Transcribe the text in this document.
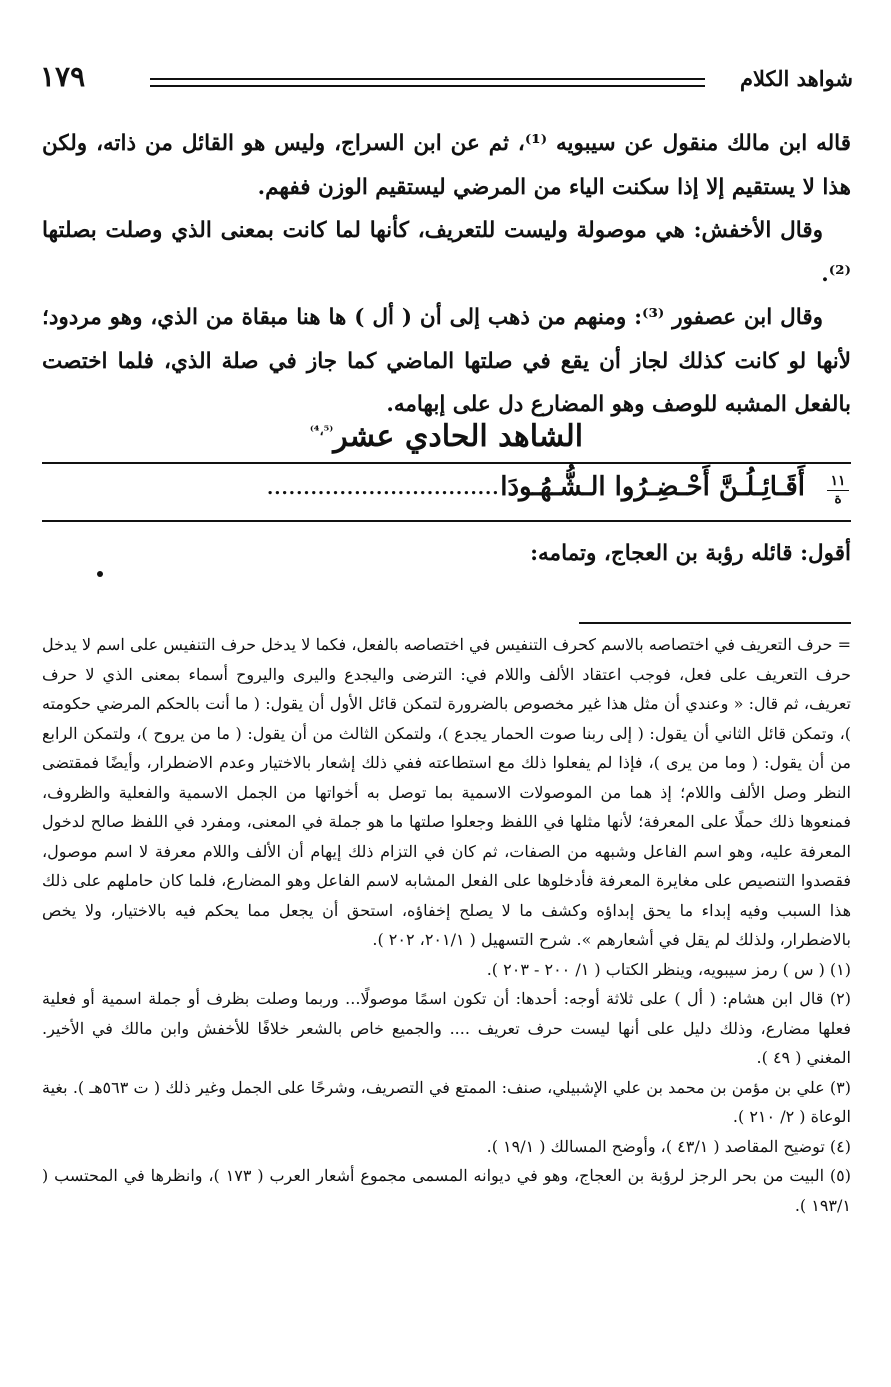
شواهد الكلام
١٧٩

قاله ابن مالك منقول عن سيبويه ⁽¹⁾، ثم عن ابن السراج، وليس هو القائل من ذاته، ولكن هذا لا يستقيم إلا إذا سكنت الياء من المرضي ليستقيم الوزن ففهم.

وقال الأخفش: هي موصولة وليست للتعريف، كأنها لما كانت بمعنى الذي وصلت بصلتها ⁽²⁾.

وقال ابن عصفور ⁽³⁾: ومنهم من ذهب إلى أن ( أل ) ها هنا مبقاة من الذي، وهو مردود؛ لأنها لو كانت كذلك لجاز أن يقع في صلتها الماضي كما جاز في صلة الذي، فلما اختصت بالفعل المشبه للوصف وهو المضارع دل على إبهامه.

الشاهد الحادي عشر$^{^{(4}،^{5)}}$
١١
ة
أَقَـائِـلُـنَّ أَحْـضِـرُوا الـشُّـهُـودَا
................................
أقول: قائله رؤبة بن العجاج، وتمامه:

= حرف التعريف في اختصاصه بالاسم كحرف التنفيس في اختصاصه بالفعل، فكما لا يدخل حرف التنفيس على اسم لا يدخل حرف التعريف على فعل، فوجب اعتقاد الألف واللام في: الترضى واليجدع واليرى واليروح أسماء بمعنى الذي لا حرف تعريف، ثم قال: « وعندي أن مثل هذا غير مخصوص بالضرورة لتمكن قائل الأول أن يقول: ( ما أنت بالحكم المرضي حكومته )، وتمكن قائل الثاني أن يقول: ( إلى ربنا صوت الحمار يجدع )، ولتمكن الثالث من أن يقول: ( ما من يروح )، ولتمكن الرابع من أن يقول: ( وما من يرى )، فإذا لم يفعلوا ذلك مع استطاعته ففي ذلك إشعار بالاختيار وعدم الاضطرار، وأيضًا فمقتضى النظر وصل الألف واللام؛ إذ هما من الموصولات الاسمية بما توصل به أخواتها من الجمل الاسمية والفعلية والظروف، فمنعوها ذلك حملًا على المعرفة؛ لأنها مثلها في اللفظ وجعلوا صلتها ما هو جملة في المعنى، ومفرد في اللفظ صالح لدخول المعرفة عليه، وهو اسم الفاعل وشبهه من الصفات، ثم كان في التزام ذلك إيهام أن الألف واللام معرفة لا اسم موصول، فقصدوا التنصيص على مغايرة المعرفة فأدخلوها على الفعل المشابه لاسم الفاعل وهو المضارع، فلما كان حاملهم على ذلك هذا السبب وفيه إبداء ما يحق إبداؤه وكشف ما لا يصلح إخفاؤه، استحق أن يجعل مما يحكم فيه بالاختيار، ولا يخص بالاضطرار، ولذلك لم يقل في أشعارهم ». شرح التسهيل ( ٢٠١/١، ٢٠٢ ).

(١) ( س ) رمز سيبويه، وينظر الكتاب ( ١/ ٢٠٠ - ٢٠٣ ).

(٢) قال ابن هشام: ( أل ) على ثلاثة أوجه: أحدها: أن تكون اسمًا موصولًا... وربما وصلت بظرف أو جملة اسمية أو فعلية فعلها مضارع، وذلك دليل على أنها ليست حرف تعريف .... والجميع خاص بالشعر خلافًا للأخفش وابن مالك في الأخير. المغني ( ٤٩ ).

(٣) علي بن مؤمن بن محمد بن علي الإشبيلي، صنف: الممتع في التصريف، وشرحًا على الجمل وغير ذلك ( ت ٥٦٣هـ ). بغية الوعاة ( ٢/ ٢١٠ ).

(٤) توضيح المقاصد ( ٤٣/١ )، وأوضح المسالك ( ١٩/١ ).

(٥) البيت من بحر الرجز لرؤبة بن العجاج، وهو في ديوانه المسمى مجموع أشعار العرب ( ١٧٣ )، وانظرها في المحتسب ( ١٩٣/١ ).
